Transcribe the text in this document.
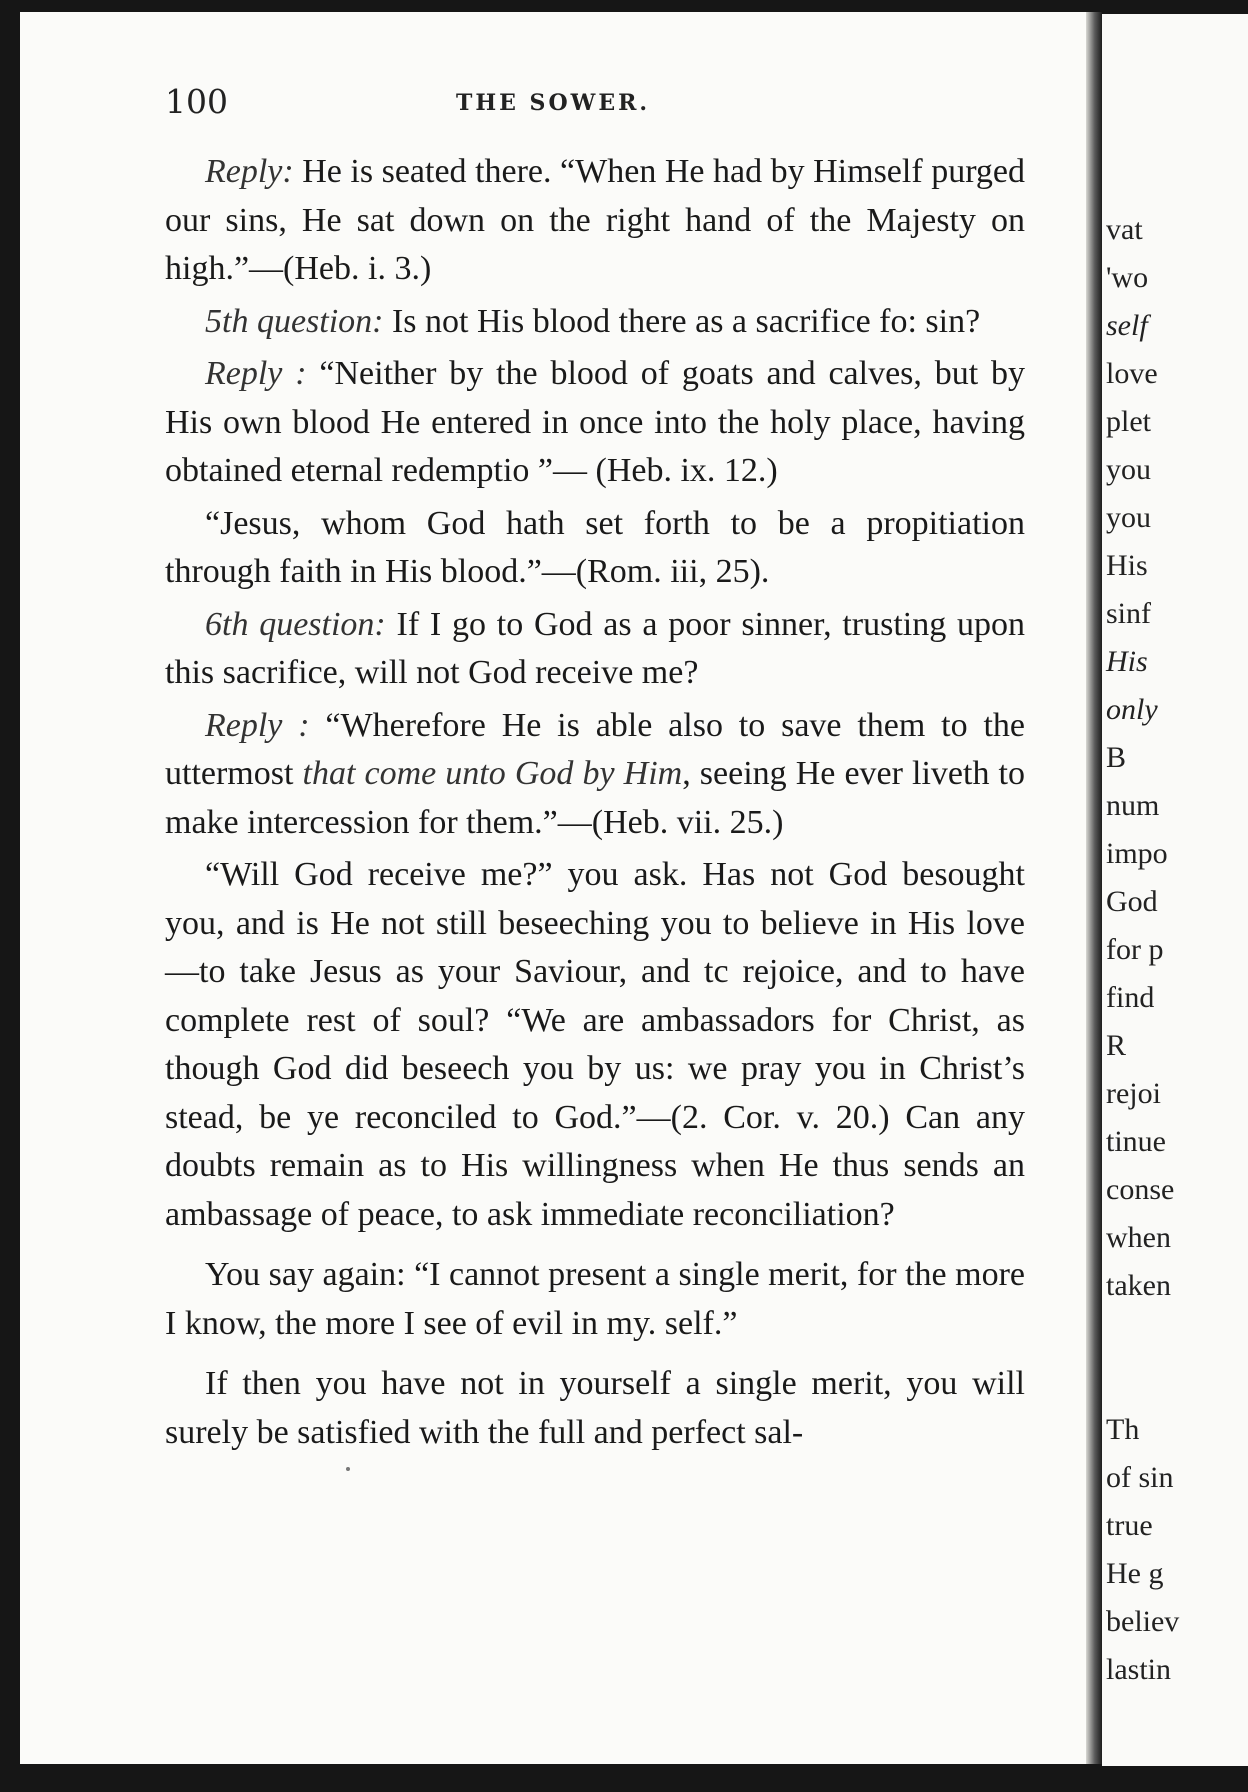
100	THE SOWER.

Reply: He is seated there. “When He had by Himself purged our sins, He sat down on the right hand of the Majesty on high.”—(Heb. i. 3.)

5th question: Is not His blood there as a sacrifice fo: sin?

Reply : “Neither by the blood of goats and calves, but by His own blood He entered in once into the holy place, having obtained eternal redemptio ”— (Heb. ix. 12.)

“Jesus, whom God hath set forth to be a propitiation through faith in His blood.”—(Rom. iii, 25).

6th question: If I go to God as a poor sinner, trusting upon this sacrifice, will not God receive me?

Reply : “Wherefore He is able also to save them to the uttermost that come unto God by Him, seeing He ever liveth to make intercession for them.”—(Heb. vii. 25.)

“Will God receive me?” you ask. Has not God besought you, and is He not still beseeching you to believe in His love—to take Jesus as your Saviour, and tc rejoice, and to have complete rest of soul? “We are ambassadors for Christ, as though God did beseech you by us: we pray you in Christ’s stead, be ye reconciled to God.”—(2. Cor. v. 20.) Can any doubts remain as to His willingness when He thus sends an ambassage of peace, to ask immediate reconciliation?

You say again: “I cannot present a single merit, for the more I know, the more I see of evil in my. self.”

If then you have not in yourself a single merit, you will surely be satisfied with the full and perfect sal-

vat
'wo
self
love
plet
you
you
His
sinf
His
only
B
num
impo
God
for p
find
R
rejoi
tinue
conse
when
taken
Th
of sin
true
He g
believ
lastin
